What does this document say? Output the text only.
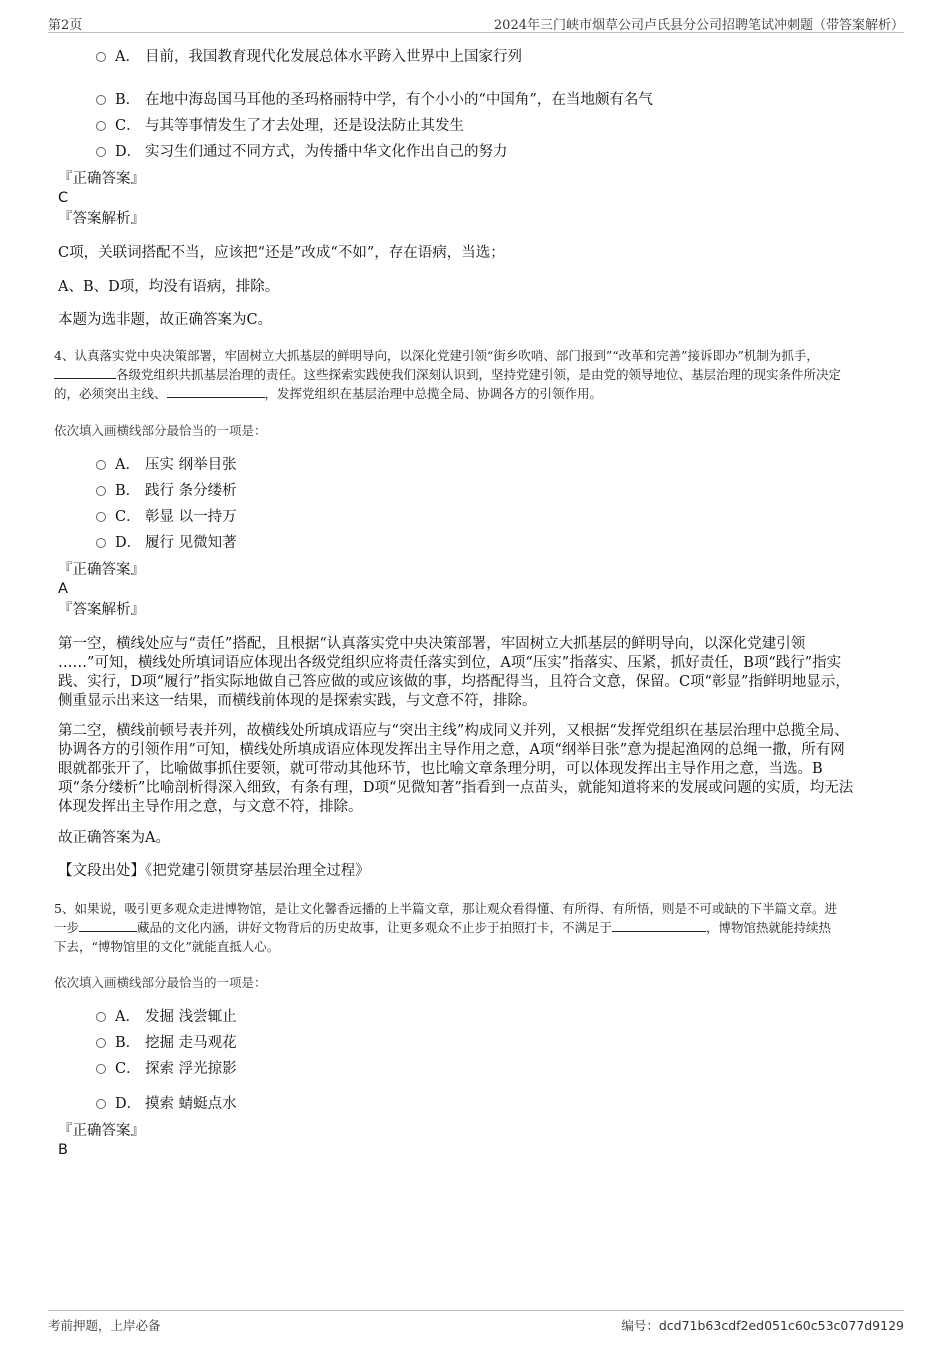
第2页	2024年三门峡市烟草公司卢氏县分公司招聘笔试冲刺题（带答案解析）
A． 目前，我国教育现代化发展总体水平跨入世界中上国家行列
B． 在地中海岛国马耳他的圣玛格丽特中学，有个小小的“中国角”，在当地颇有名气
C． 与其等事情发生了才去处理，还是设法防止其发生
D． 实习生们通过不同方式，为传播中华文化作出自己的努力
『正确答案』
C
『答案解析』
C项，关联词搭配不当，应该把“还是”改成“不如”，存在语病，当选；
A、B、D项，均没有语病，排除。
本题为选非题，故正确答案为C。
4、认真落实党中央决策部署，牢固树立大抓基层的鲜明导向，以深化党建引领“街乡吹哨、部门报到”“改革和完善”接诉即办”机制为抓手，
各级党组织共抓基层治理的责任。这些探索实践使我们深刻认识到，坚持党建引领，是由党的领导地位、基层治理的现实条件所决定
的，必须突出主线、	，发挥党组织在基层治理中总揽全局、协调各方的引领作用。
依次填入画横线部分最恰当的一项是：
A． 压实 纲举目张
B． 践行 条分缕析
C． 彰显 以一持万
D． 履行 见微知著
『正确答案』
A
『答案解析』
第一空，横线处应与“责任”搭配，且根据“认真落实党中央决策部署，牢固树立大抓基层的鲜明导向，以深化党建引领
……”可知，横线处所填词语应体现出各级党组织应将责任落实到位，A项“压实”指落实、压紧，抓好责任，B项“践行”指实
践、实行，D项“履行”指实际地做自己答应做的或应该做的事，均搭配得当，且符合文意，保留。C项“彰显”指鲜明地显示，
侧重显示出来这一结果，而横线前体现的是探索实践，与文意不符，排除。
第二空，横线前顿号表并列，故横线处所填成语应与“突出主线”构成同义并列，又根据“发挥党组织在基层治理中总揽全局、
协调各方的引领作用”可知，横线处所填成语应体现发挥出主导作用之意，A项“纲举目张”意为提起渔网的总绳一撒，所有网
眼就都张开了，比喻做事抓住要领，就可带动其他环节，也比喻文章条理分明，可以体现发挥出主导作用之意，当选。B
项“条分缕析”比喻剖析得深入细致，有条有理，D项“见微知著”指看到一点苗头，就能知道将来的发展或问题的实质，均无法
体现发挥出主导作用之意，与文意不符，排除。
故正确答案为A。
【文段出处】《把党建引领贯穿基层治理全过程》
5、如果说，吸引更多观众走进博物馆，是让文化馨香远播的上半篇文章，那让观众看得懂、有所得、有所悟，则是不可或缺的下半篇文章。进
一步	藏品的文化内涵，讲好文物背后的历史故事，让更多观众不止步于拍照打卡，不满足于	，博物馆热就能持续热
下去，“博物馆里的文化”就能直抵人心。
依次填入画横线部分最恰当的一项是：
A． 发掘 浅尝辄止
B． 挖掘 走马观花
C． 探索 浮光掠影
D． 摸索 蜻蜓点水
『正确答案』
B
考前押题，上岸必备	编号：dcd71b63cdf2ed051c60c53c077d9129
